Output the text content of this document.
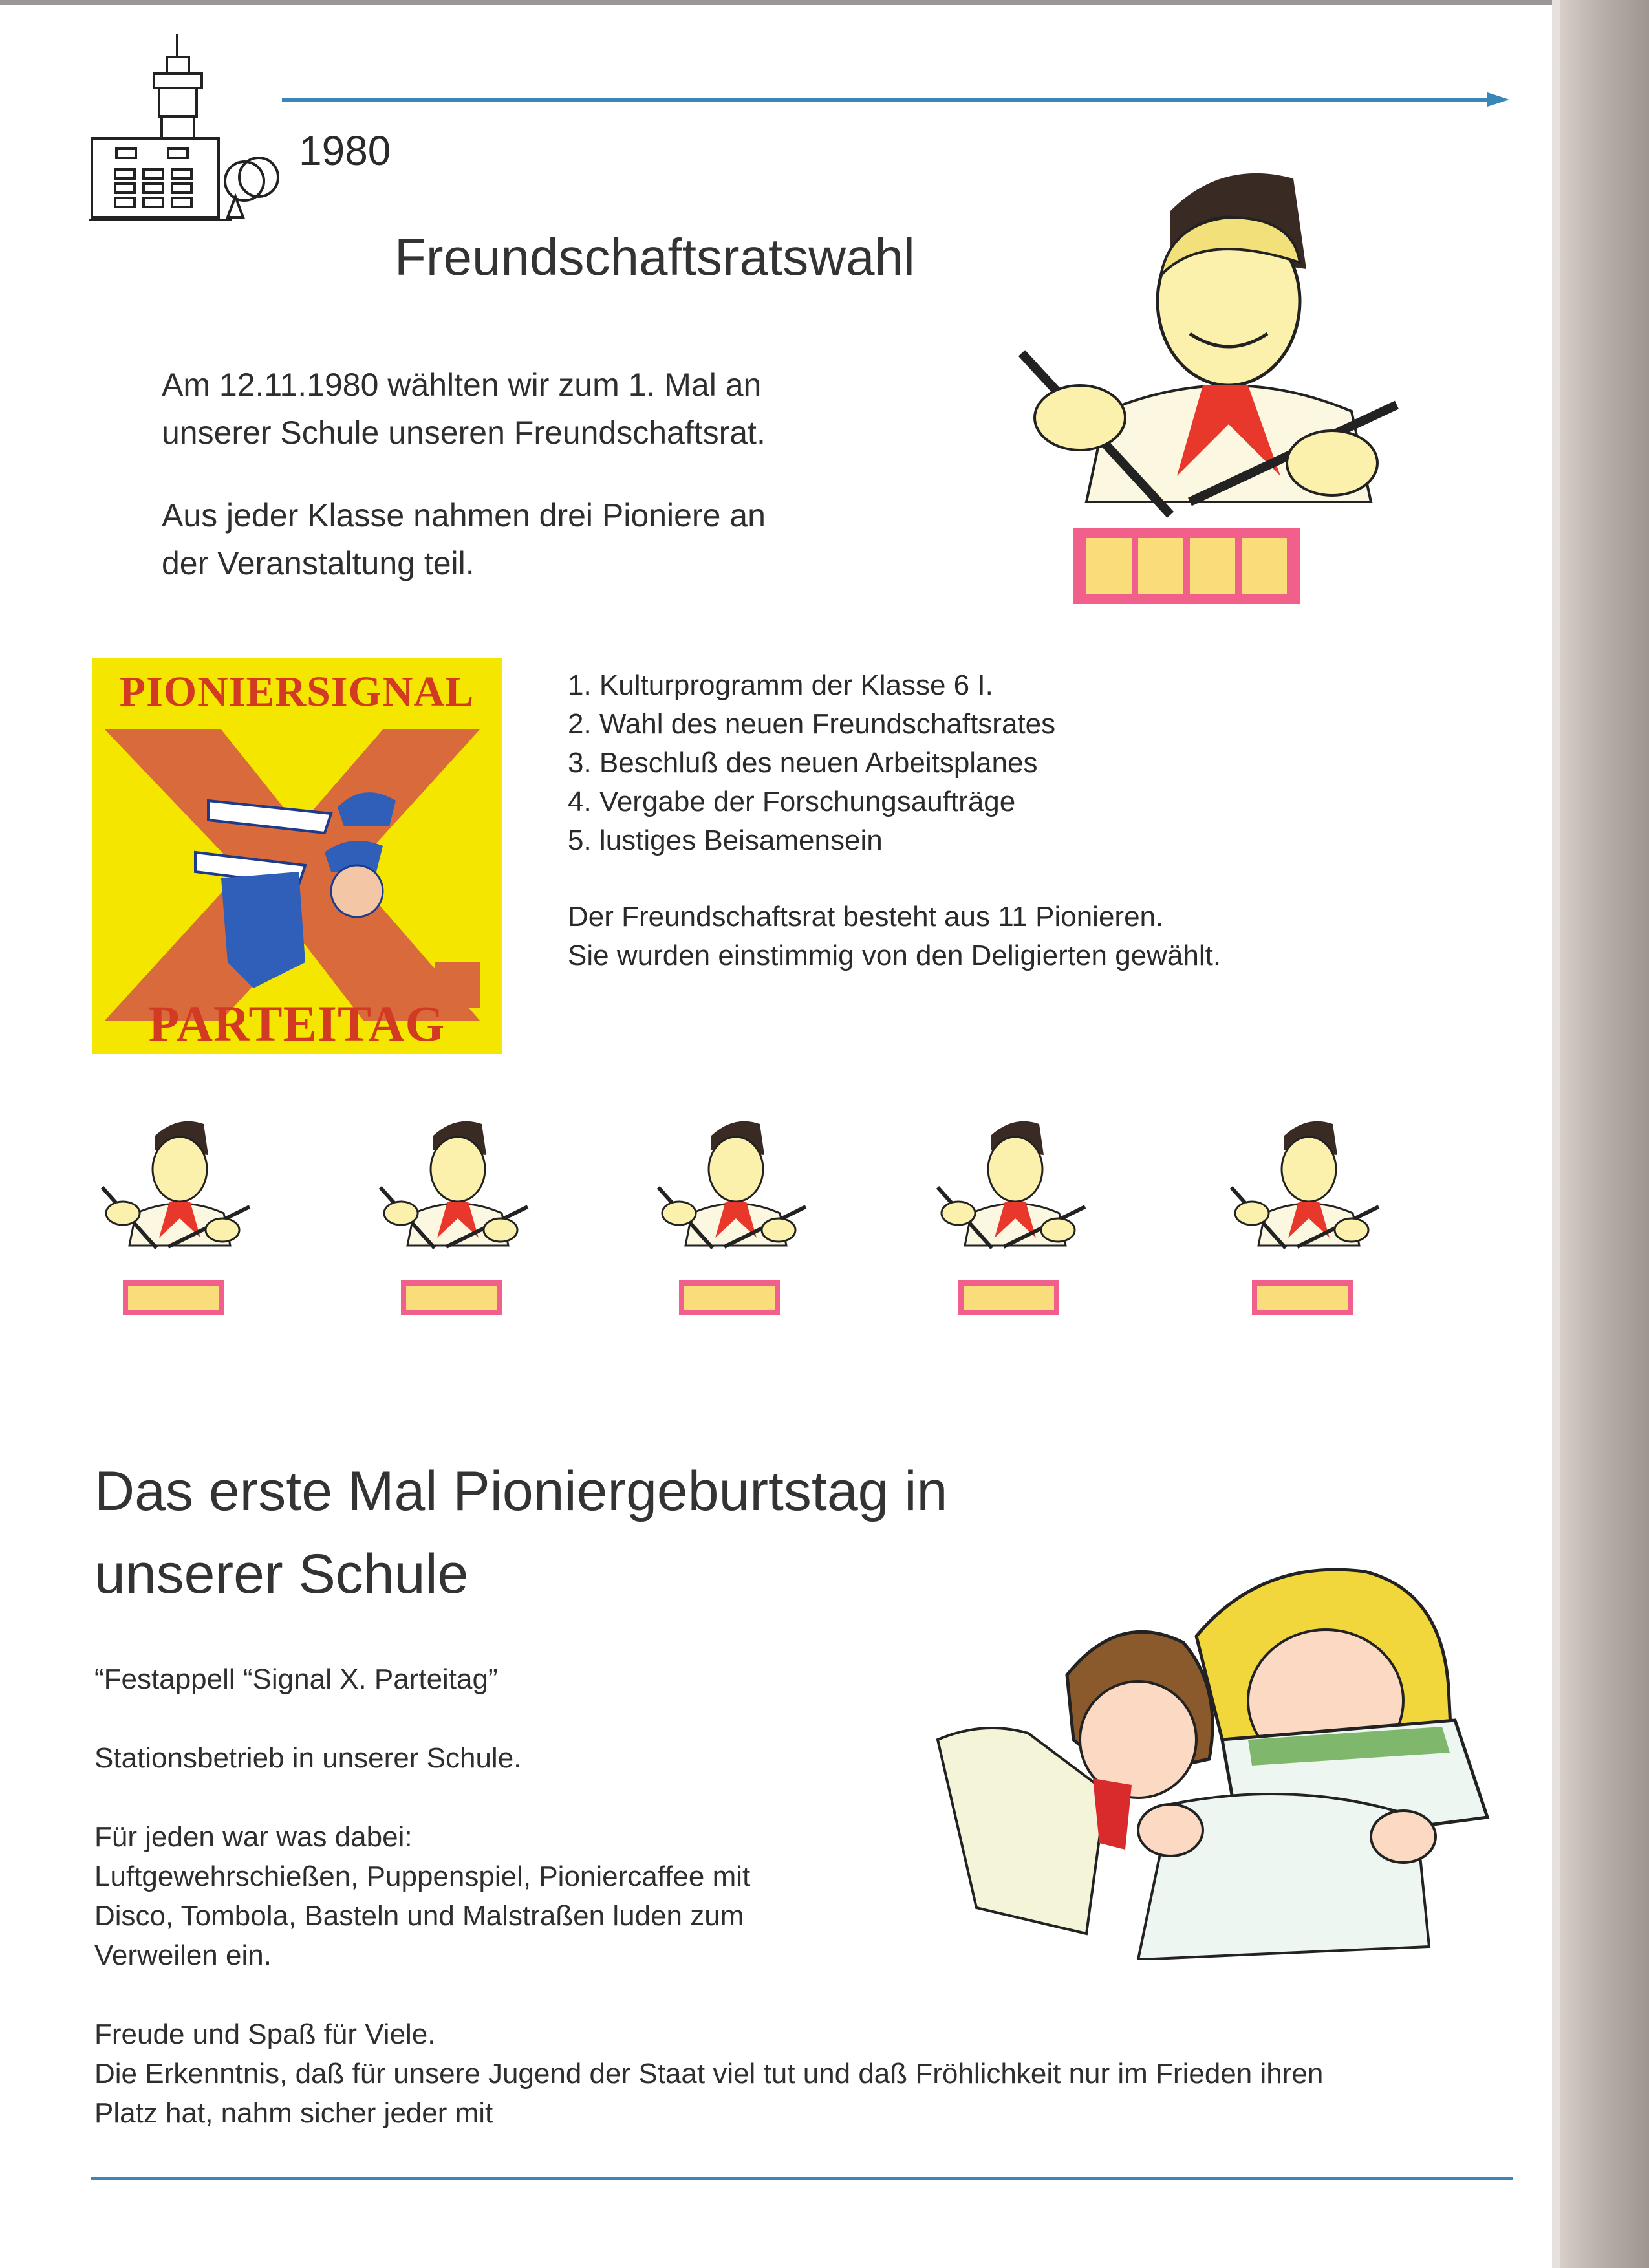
1980
Freundschaftsratswahl
Am 12.11.1980 wählten wir zum 1. Mal an
unserer Schule unseren Freundschaftsrat.
Aus jeder Klasse nahmen drei Pioniere an
der Veranstaltung teil.
PIONIERSIGNAL
PARTEITAG
1. Kulturprogramm der Klasse 6 I.
2. Wahl des neuen Freundschaftsrates
3. Beschluß des neuen Arbeitsplanes
4. Vergabe der Forschungsaufträge
5. lustiges Beisamensein
Der Freundschaftsrat besteht aus 11 Pionieren.
Sie wurden einstimmig von den Deligierten gewählt.
Das erste Mal Pioniergeburtstag in
unserer Schule
“Festappell “Signal X. Parteitag”
Stationsbetrieb in unserer Schule.
Für jeden war was dabei:
Luftgewehrschießen, Puppenspiel, Pioniercaffee mit
Disco, Tombola, Basteln und Malstraßen luden zum
Verweilen ein.
Freude und Spaß für Viele.
Die Erkenntnis, daß für unsere Jugend der Staat viel tut und daß Fröhlichkeit nur im Frieden ihren
Platz hat, nahm sicher jeder mit
